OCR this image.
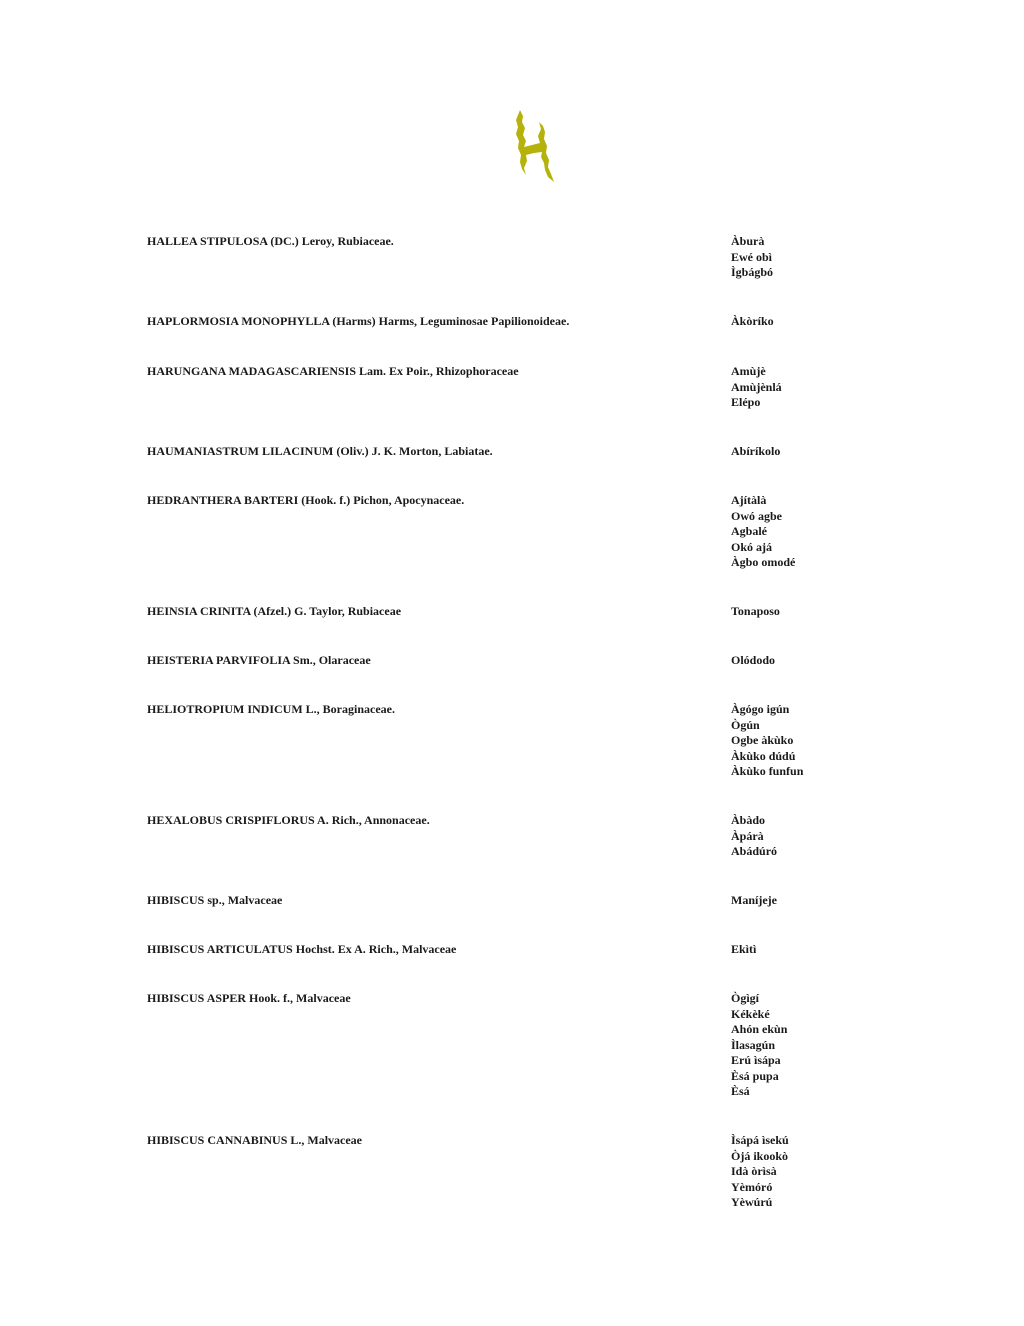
HALLEA STIPULOSA (DC.) Leroy, Rubiaceae.	Àburà
Ewé obì
Ìgbágbó
HAPLORMOSIA MONOPHYLLA (Harms) Harms, Leguminosae Papilionoideae.	Àkòríko
HARUNGANA MADAGASCARIENSIS Lam. Ex Poir., Rhizophoraceae	Amùjè
Amùjènlá
Elépo
HAUMANIASTRUM LILACINUM (Oliv.) J. K. Morton, Labiatae.	Abíríkolo
HEDRANTHERA BARTERI (Hook. f.) Pichon, Apocynaceae.	Ajítàlà
Owó agbe
Agbalé
Okó ajá
Àgbo omodé
HEINSIA CRINITA (Afzel.) G. Taylor, Rubiaceae	Tonaposo
HEISTERIA PARVIFOLIA Sm., Olaraceae	Olódodo
HELIOTROPIUM INDICUM L., Boraginaceae.	Àgógo igún
Ògún
Ogbe àkùko
Àkùko dúdú
Àkùko funfun
HEXALOBUS CRISPIFLORUS A. Rich., Annonaceae.	Àbàdo
Àpárà
Abádúró
HIBISCUS sp., Malvaceae	Maníjeje
HIBISCUS ARTICULATUS Hochst. Ex A. Rich., Malvaceae	Ekìtì
HIBISCUS ASPER Hook. f., Malvaceae	Ògìgí
Kékèké
Ahón ekùn
Ìlasagún
Erú ìsápa
Èsá pupa
Èsá
HIBISCUS CANNABINUS L., Malvaceae	Ìsápá ìsekú
Òjá ikookò
Idà òrìsà
Yèmóró
Yèwúrú
